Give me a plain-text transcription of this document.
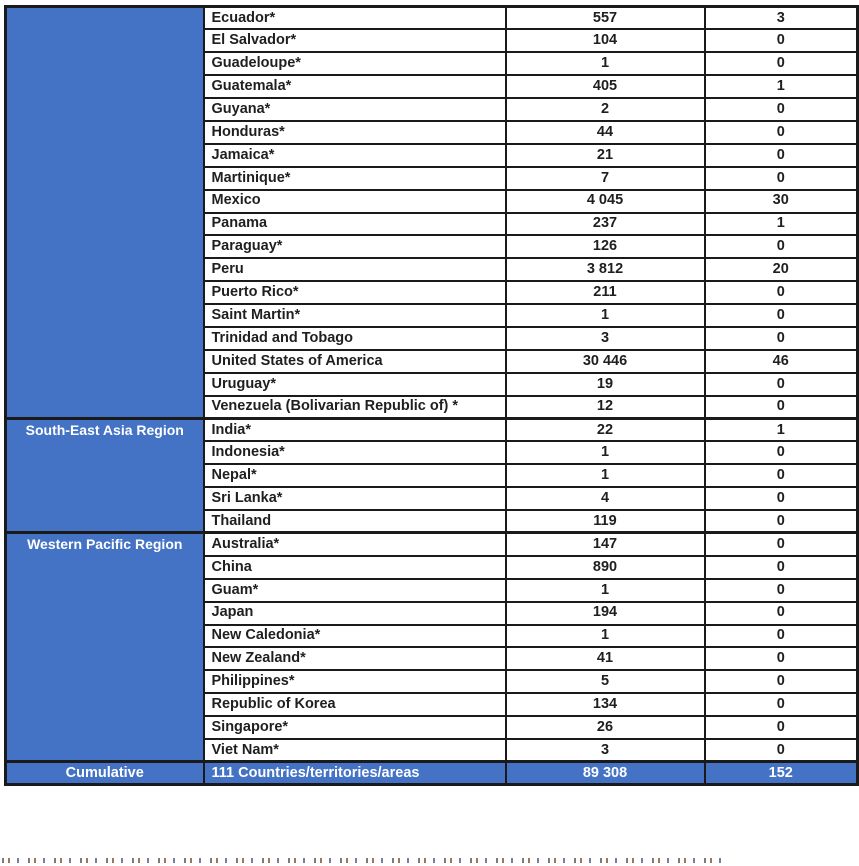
	Ecuador*	557	3
	El Salvador*	104	0
	Guadeloupe*	1	0
	Guatemala*	405	1
	Guyana*	2	0
	Honduras*	44	0
	Jamaica*	21	0
	Martinique*	7	0
	Mexico	4 045	30
	Panama	237	1
	Paraguay*	126	0
	Peru	3 812	20
	Puerto Rico*	211	0
	Saint Martin*	1	0
	Trinidad and Tobago	3	0
	United States of America	30 446	46
	Uruguay*	19	0
	Venezuela (Bolivarian Republic of) *	12	0
South-East Asia Region	India*	22	1
	Indonesia*	1	0
	Nepal*	1	0
	Sri Lanka*	4	0
	Thailand	119	0
Western Pacific Region	Australia*	147	0
	China	890	0
	Guam*	1	0
	Japan	194	0
	New Caledonia*	1	0
	New Zealand*	41	0
	Philippines*	5	0
	Republic of Korea	134	0
	Singapore*	26	0
	Viet Nam*	3	0
Cumulative	111 Countries/territories/areas	89 308	152
